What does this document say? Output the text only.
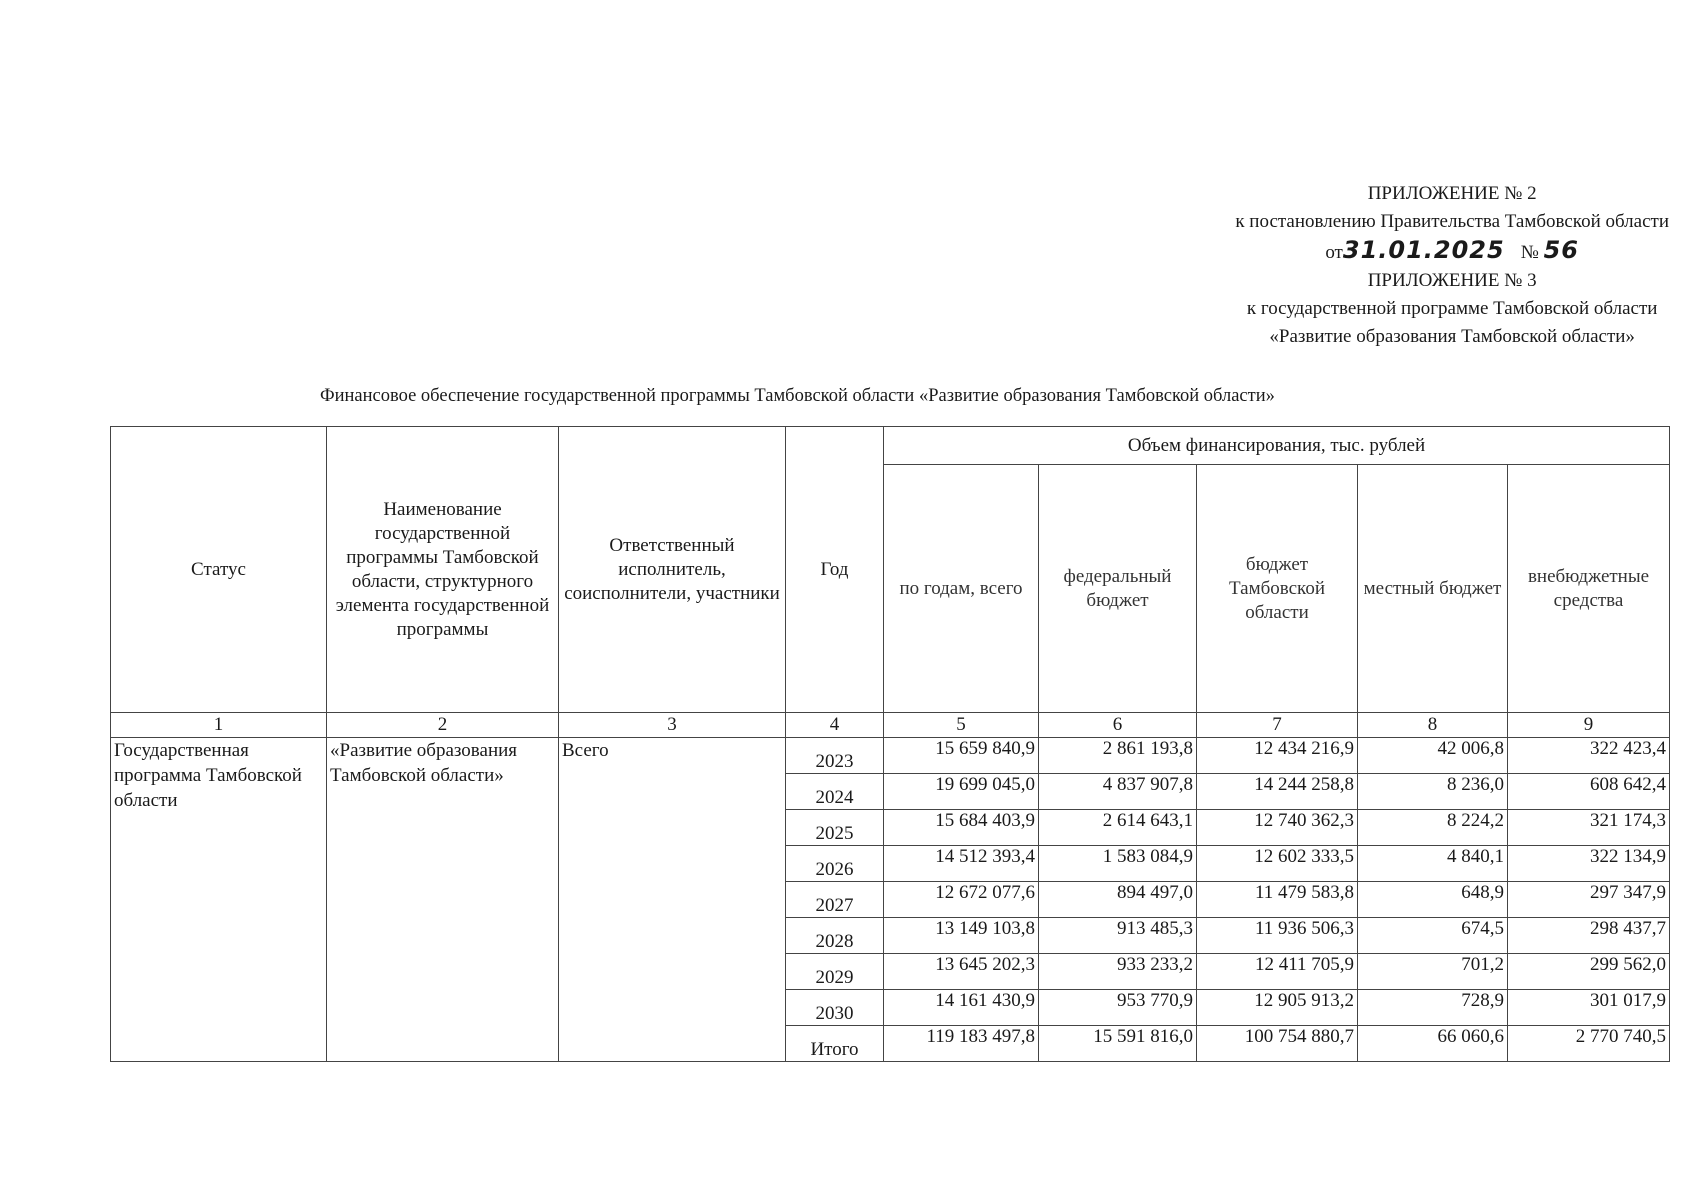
ПРИЛОЖЕНИЕ № 2
к постановлению Правительства Тамбовской области
от31.01.2025 № 56
ПРИЛОЖЕНИЕ № 3
к государственной программе Тамбовской области
«Развитие образования Тамбовской области»
Финансовое обеспечение государственной программы Тамбовской области «Развитие образования Тамбовской области»
Статус	Наименование государственной программы Тамбовской области, структурного элемента государственной программы	Ответственный исполнитель, соисполнители, участники	Год	Объем финансирования, тыс. рублей				
				по годам, всего	федеральный бюджет	бюджет Тамбовской области	местный бюджет	внебюджетные средства
1	2	3	4	5	6	7	8	9
Государственная программа Тамбовской области	«Развитие образования Тамбовской области»	Всего	2023	15 659 840,9	2 861 193,8	12 434 216,9	42 006,8	322 423,4
			2024	19 699 045,0	4 837 907,8	14 244 258,8	8 236,0	608 642,4
			2025	15 684 403,9	2 614 643,1	12 740 362,3	8 224,2	321 174,3
			2026	14 512 393,4	1 583 084,9	12 602 333,5	4 840,1	322 134,9
			2027	12 672 077,6	894 497,0	11 479 583,8	648,9	297 347,9
			2028	13 149 103,8	913 485,3	11 936 506,3	674,5	298 437,7
			2029	13 645 202,3	933 233,2	12 411 705,9	701,2	299 562,0
			2030	14 161 430,9	953 770,9	12 905 913,2	728,9	301 017,9
			Итого	119 183 497,8	15 591 816,0	100 754 880,7	66 060,6	2 770 740,5
